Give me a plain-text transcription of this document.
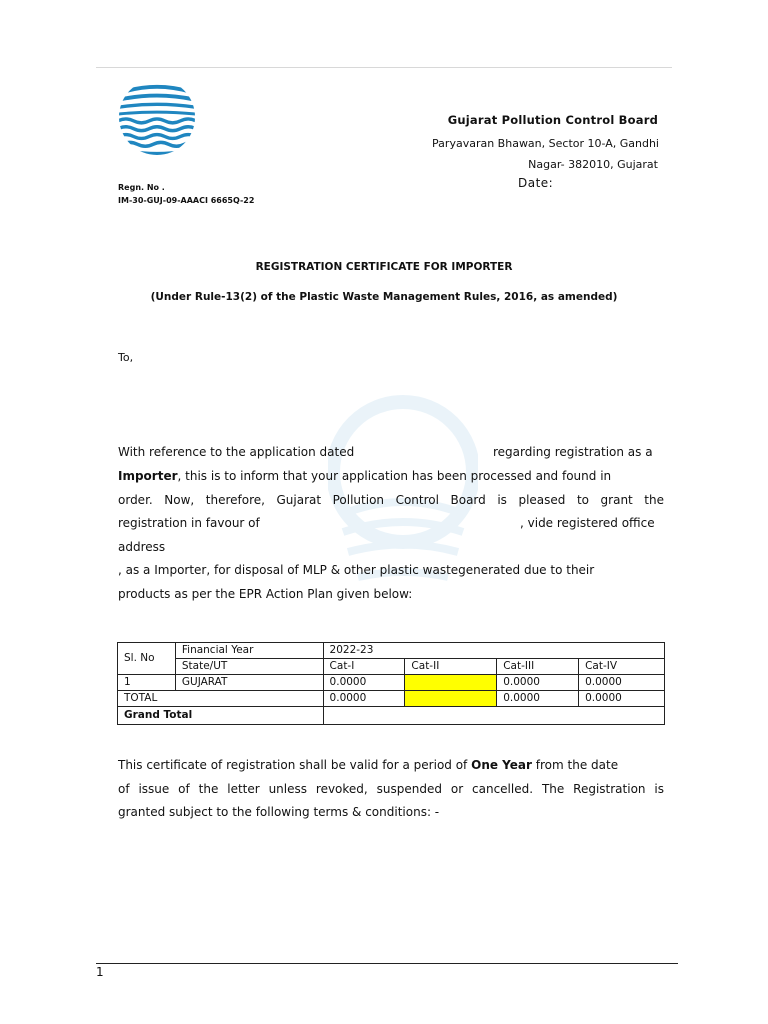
Gujarat Pollution Control Board
Paryavaran Bhawan, Sector 10-A, Gandhi
Nagar- 382010, Gujarat
Date:
Regn. No .
IM-30-GUJ-09-AAACI 6665Q-22
REGISTRATION CERTIFICATE FOR IMPORTER
(Under Rule-13(2) of the Plastic Waste Management Rules, 2016, as amended)
To,
With reference to the application dated	regarding registration as a
Importer, this is to inform that your application has been processed and found in
order. Now, therefore, Gujarat Pollution Control Board is pleased to grant the
registration in favour of	, vide registered office
address
, as a Importer, for disposal of MLP & other plastic wastegenerated due to their
products as per the EPR Action Plan given below:
Sl. No	Financial Year	2022-23			
	State/UT	Cat-I	Cat-II	Cat-III	Cat-IV
1	GUJARAT	0.0000		0.0000	0.0000
TOTAL		0.0000		0.0000	0.0000
Grand Total					
This certificate of registration shall be valid for a period of One Year from the date
of issue of the letter unless revoked, suspended or cancelled. The Registration is
granted subject to the following terms & conditions: -
1
